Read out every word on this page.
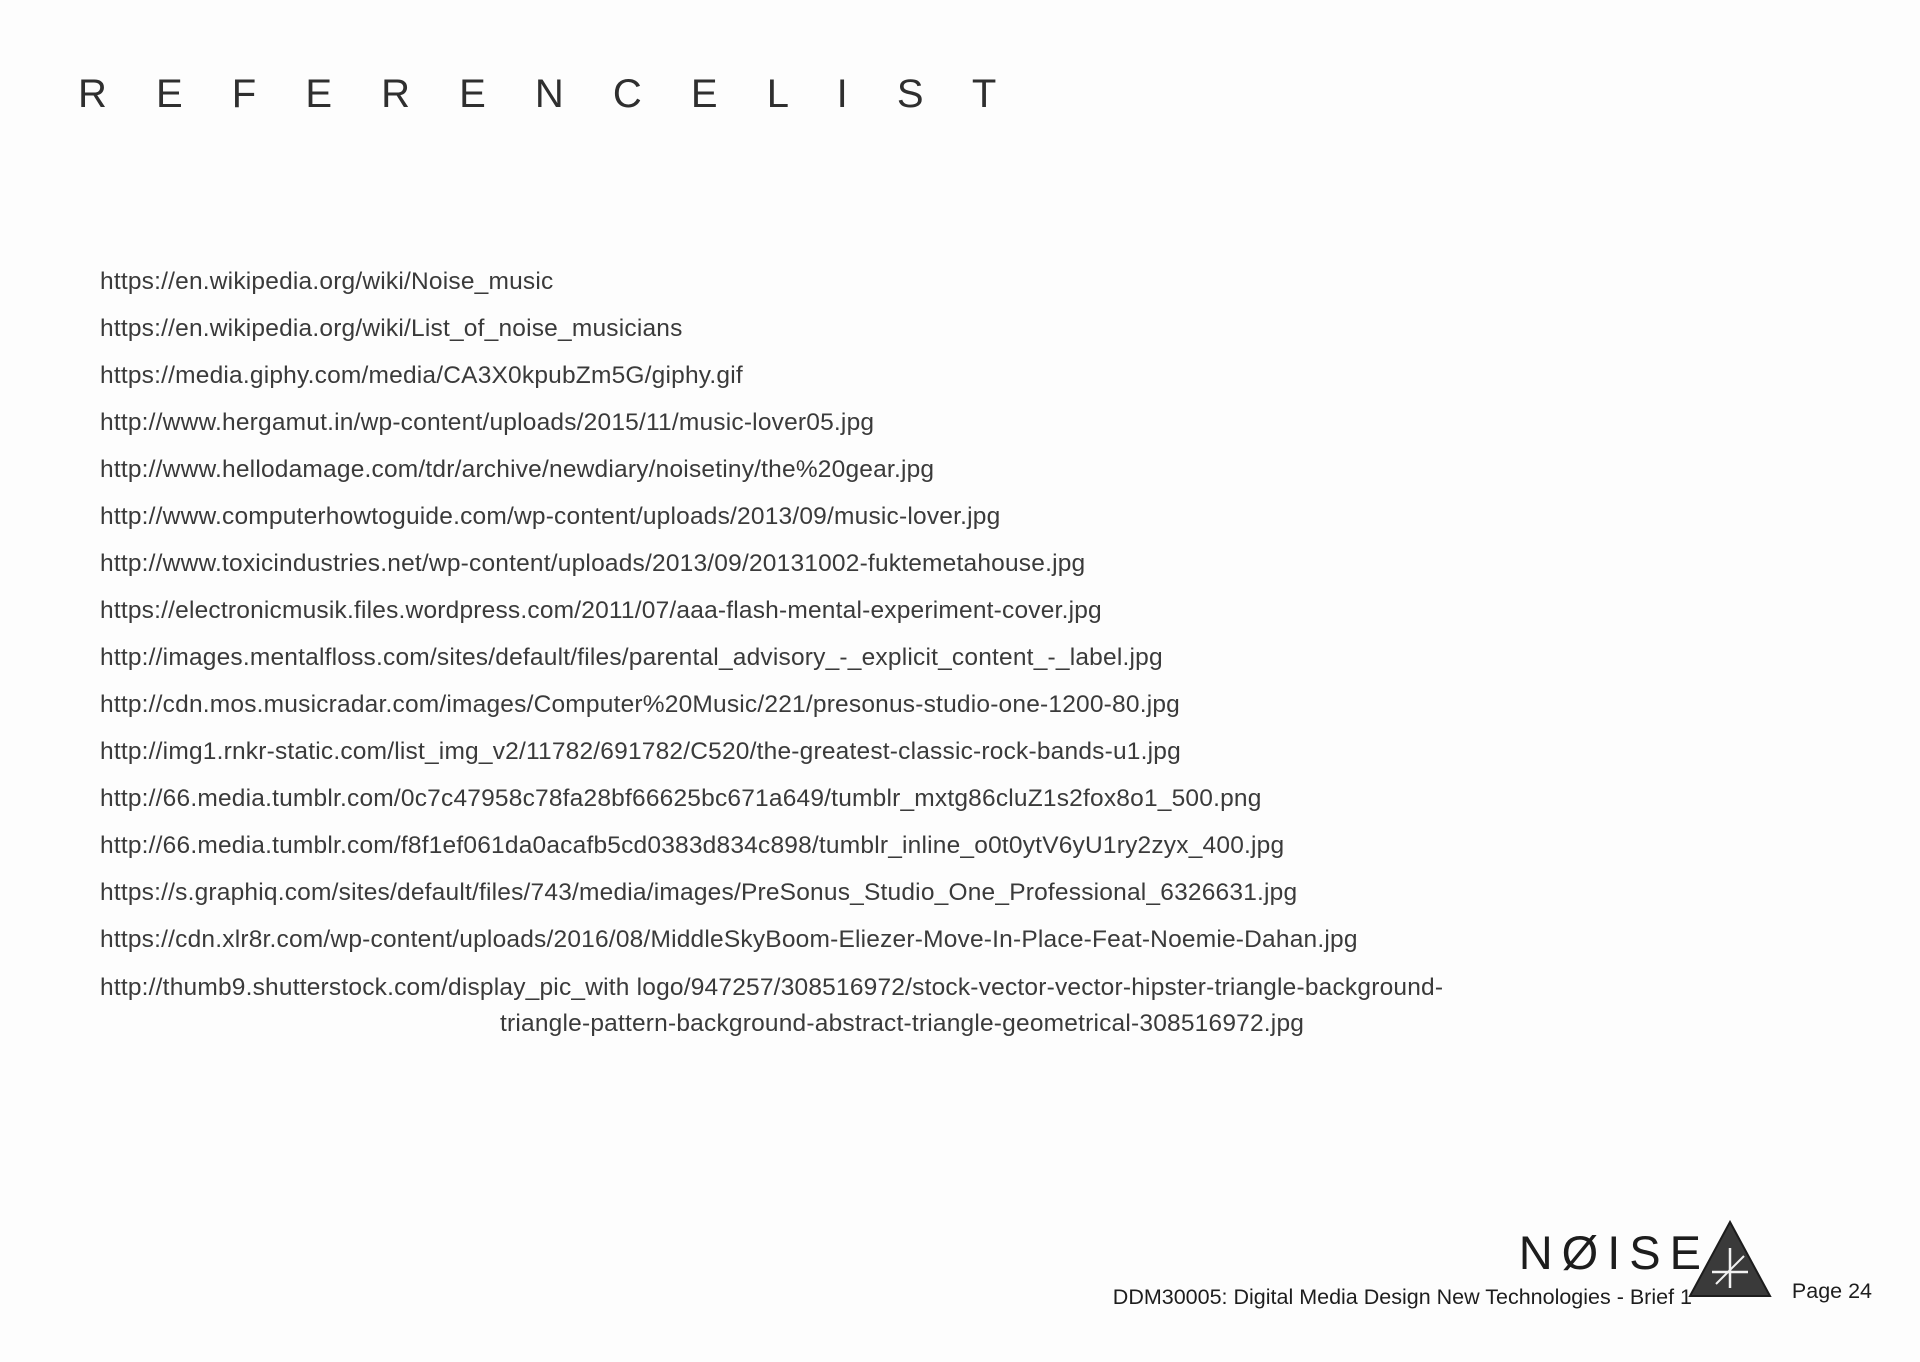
R E F E R E N C E L I S T
https://en.wikipedia.org/wiki/Noise_music
https://en.wikipedia.org/wiki/List_of_noise_musicians
https://media.giphy.com/media/CA3X0kpubZm5G/giphy.gif
http://www.hergamut.in/wp-content/uploads/2015/11/music-lover05.jpg
http://www.hellodamage.com/tdr/archive/newdiary/noisetiny/the%20gear.jpg
http://www.computerhowtoguide.com/wp-content/uploads/2013/09/music-lover.jpg
http://www.toxicindustries.net/wp-content/uploads/2013/09/20131002-fuktemetahouse.jpg
https://electronicmusik.files.wordpress.com/2011/07/aaa-flash-mental-experiment-cover.jpg
http://images.mentalfloss.com/sites/default/files/parental_advisory_-_explicit_content_-_label.jpg
http://cdn.mos.musicradar.com/images/Computer%20Music/221/presonus-studio-one-1200-80.jpg
http://img1.rnkr-static.com/list_img_v2/11782/691782/C520/the-greatest-classic-rock-bands-u1.jpg
http://66.media.tumblr.com/0c7c47958c78fa28bf66625bc671a649/tumblr_mxtg86cluZ1s2fox8o1_500.png
http://66.media.tumblr.com/f8f1ef061da0acafb5cd0383d834c898/tumblr_inline_o0t0ytV6yU1ry2zyx_400.jpg
https://s.graphiq.com/sites/default/files/743/media/images/PreSonus_Studio_One_Professional_6326631.jpg
https://cdn.xlr8r.com/wp-content/uploads/2016/08/MiddleSkyBoom-Eliezer-Move-In-Place-Feat-Noemie-Dahan.jpg
http://thumb9.shutterstock.com/display_pic_with logo/947257/308516972/stock-vector-vector-hipster-triangle-background-
triangle-pattern-background-abstract-triangle-geometrical-308516972.jpg
NØISE
DDM30005: Digital Media Design New Technologies - Brief 1	Page 24
